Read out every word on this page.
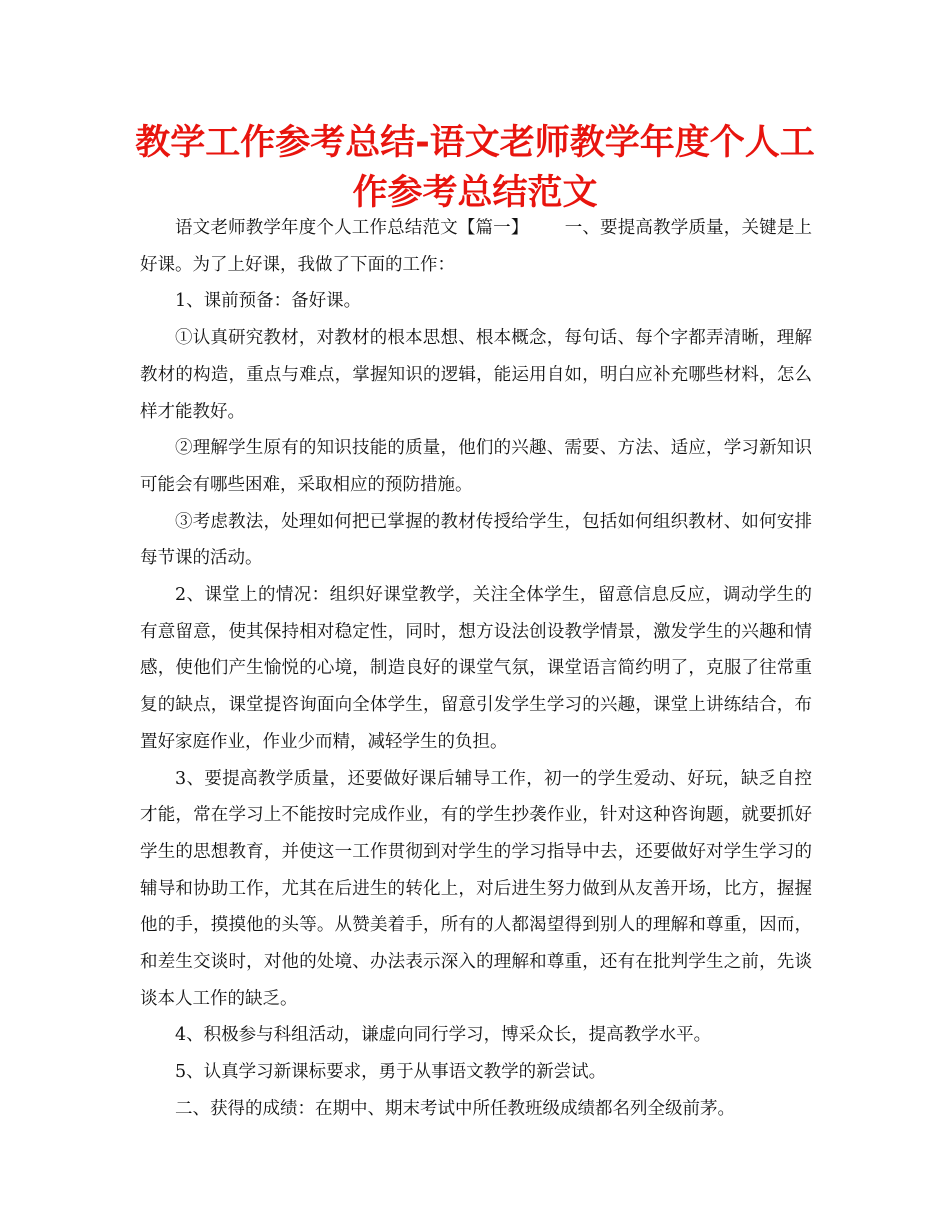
教学工作参考总结-语文老师教学年度个人工作参考总结范文

语文老师教学年度个人工作总结范文【篇一】 一、要提高教学质量，关键是上好课。为了上好课，我做了下面的工作：

1、课前预备：备好课。

①认真研究教材，对教材的根本思想、根本概念，每句话、每个字都弄清晰，理解教材的构造，重点与难点，掌握知识的逻辑，能运用自如，明白应补充哪些材料，怎么样才能教好。

②理解学生原有的知识技能的质量，他们的兴趣、需要、方法、适应，学习新知识可能会有哪些困难，采取相应的预防措施。

③考虑教法，处理如何把已掌握的教材传授给学生，包括如何组织教材、如何安排每节课的活动。

2、课堂上的情况：组织好课堂教学，关注全体学生，留意信息反应，调动学生的有意留意，使其保持相对稳定性，同时，想方设法创设教学情景，激发学生的兴趣和情感，使他们产生愉悦的心境，制造良好的课堂气氛，课堂语言简约明了，克服了往常重复的缺点，课堂提咨询面向全体学生，留意引发学生学习的兴趣，课堂上讲练结合，布置好家庭作业，作业少而精，减轻学生的负担。

3、要提高教学质量，还要做好课后辅导工作，初一的学生爱动、好玩，缺乏自控才能，常在学习上不能按时完成作业，有的学生抄袭作业，针对这种咨询题，就要抓好学生的思想教育，并使这一工作贯彻到对学生的学习指导中去，还要做好对学生学习的辅导和协助工作，尤其在后进生的转化上，对后进生努力做到从友善开场，比方，握握他的手，摸摸他的头等。从赞美着手，所有的人都渴望得到别人的理解和尊重，因而，和差生交谈时，对他的处境、办法表示深入的理解和尊重，还有在批判学生之前，先谈谈本人工作的缺乏。

4、积极参与科组活动，谦虚向同行学习，博采众长，提高教学水平。

5、认真学习新课标要求，勇于从事语文教学的新尝试。

二、获得的成绩：在期中、期末考试中所任教班级成绩都名列全级前茅。
